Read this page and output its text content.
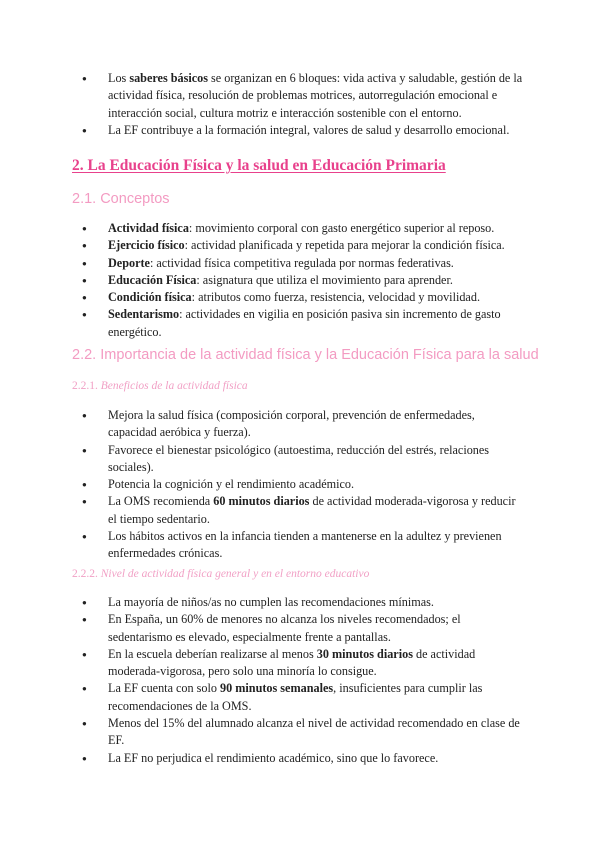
● Los saberes básicos se organizan en 6 bloques: vida activa y saludable, gestión de la actividad física, resolución de problemas motrices, autorregulación emocional e interacción social, cultura motriz e interacción sostenible con el entorno.
● La EF contribuye a la formación integral, valores de salud y desarrollo emocional.
2. La Educación Física y la salud en Educación Primaria
2.1. Conceptos
● Actividad física: movimiento corporal con gasto energético superior al reposo.
● Ejercicio físico: actividad planificada y repetida para mejorar la condición física.
● Deporte: actividad física competitiva regulada por normas federativas.
● Educación Física: asignatura que utiliza el movimiento para aprender.
● Condición física: atributos como fuerza, resistencia, velocidad y movilidad.
● Sedentarismo: actividades en vigilia en posición pasiva sin incremento de gasto energético.
2.2. Importancia de la actividad física y la Educación Física para la salud
2.2.1. Beneficios de la actividad física
● Mejora la salud física (composición corporal, prevención de enfermedades, capacidad aeróbica y fuerza).
● Favorece el bienestar psicológico (autoestima, reducción del estrés, relaciones sociales).
● Potencia la cognición y el rendimiento académico.
● La OMS recomienda 60 minutos diarios de actividad moderada-vigorosa y reducir el tiempo sedentario.
● Los hábitos activos en la infancia tienden a mantenerse en la adultez y previenen enfermedades crónicas.
2.2.2. Nivel de actividad física general y en el entorno educativo
● La mayoría de niños/as no cumplen las recomendaciones mínimas.
● En España, un 60% de menores no alcanza los niveles recomendados; el sedentarismo es elevado, especialmente frente a pantallas.
● En la escuela deberían realizarse al menos 30 minutos diarios de actividad moderada-vigorosa, pero solo una minoría lo consigue.
● La EF cuenta con solo 90 minutos semanales, insuficientes para cumplir las recomendaciones de la OMS.
● Menos del 15% del alumnado alcanza el nivel de actividad recomendado en clase de EF.
● La EF no perjudica el rendimiento académico, sino que lo favorece.
